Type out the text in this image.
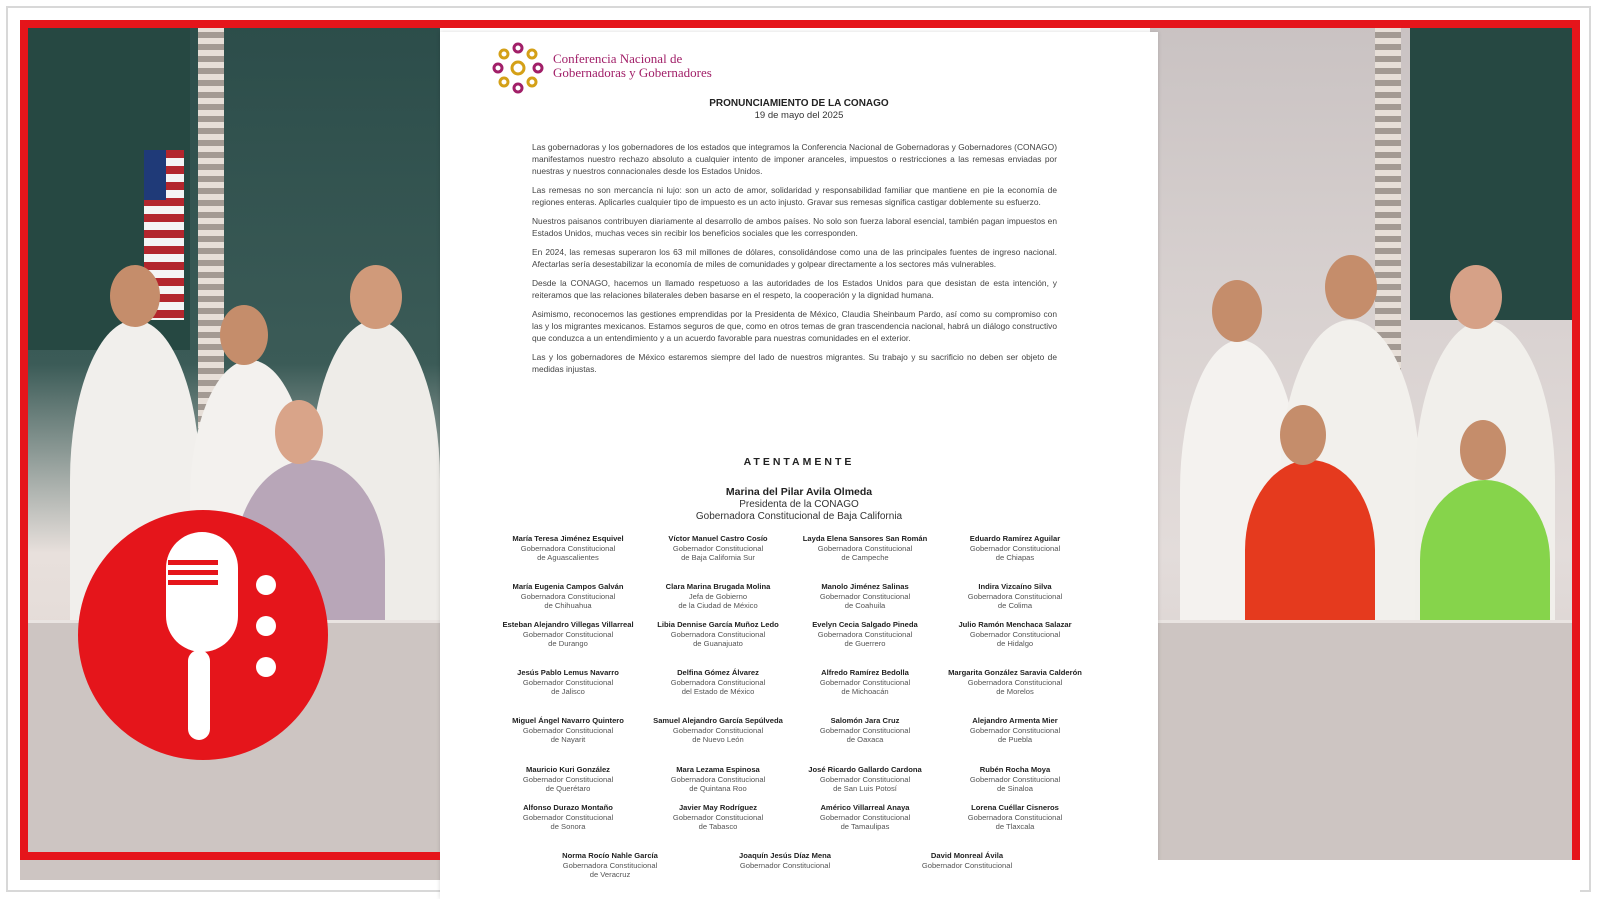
Conferencia Nacional de
Gobernadoras y Gobernadores
PRONUNCIAMIENTO DE LA CONAGO
19 de mayo del 2025

Las gobernadoras y los gobernadores de los estados que integramos la Conferencia Nacional de Gobernadoras y Gobernadores (CONAGO) manifestamos nuestro rechazo absoluto a cualquier intento de imponer aranceles, impuestos o restricciones a las remesas enviadas por nuestras y nuestros connacionales desde los Estados Unidos.

Las remesas no son mercancía ni lujo: son un acto de amor, solidaridad y responsabilidad familiar que mantiene en pie la economía de regiones enteras. Aplicarles cualquier tipo de impuesto es un acto injusto. Gravar sus remesas significa castigar doblemente su esfuerzo.

Nuestros paisanos contribuyen diariamente al desarrollo de ambos países. No solo son fuerza laboral esencial, también pagan impuestos en Estados Unidos, muchas veces sin recibir los beneficios sociales que les corresponden.

En 2024, las remesas superaron los 63 mil millones de dólares, consolidándose como una de las principales fuentes de ingreso nacional. Afectarlas sería desestabilizar la economía de miles de comunidades y golpear directamente a los sectores más vulnerables.

Desde la CONAGO, hacemos un llamado respetuoso a las autoridades de los Estados Unidos para que desistan de esta intención, y reiteramos que las relaciones bilaterales deben basarse en el respeto, la cooperación y la dignidad humana.

Asimismo, reconocemos las gestiones emprendidas por la Presidenta de México, Claudia Sheinbaum Pardo, así como su compromiso con las y los migrantes mexicanos. Estamos seguros de que, como en otros temas de gran trascendencia nacional, habrá un diálogo constructivo que conduzca a un entendimiento y a un acuerdo favorable para nuestras comunidades en el exterior.

Las y los gobernadores de México estaremos siempre del lado de nuestros migrantes. Su trabajo y su sacrificio no deben ser objeto de medidas injustas.

ATENTAMENTE
Marina del Pilar Avila Olmeda
Presidenta de la CONAGO
Gobernadora Constitucional de Baja California
María Teresa Jiménez Esquivel
Gobernadora Constitucional
de Aguascalientes
Víctor Manuel Castro Cosío
Gobernador Constitucional
de Baja California Sur
Layda Elena Sansores San Román
Gobernadora Constitucional
de Campeche
Eduardo Ramírez Aguilar
Gobernador Constitucional
de Chiapas
María Eugenia Campos Galván
Gobernadora Constitucional
de Chihuahua
Clara Marina Brugada Molina
Jefa de Gobierno
de la Ciudad de México
Manolo Jiménez Salinas
Gobernador Constitucional
de Coahuila
Indira Vizcaíno Silva
Gobernadora Constitucional
de Colima
Esteban Alejandro Villegas Villarreal
Gobernador Constitucional
de Durango
Libia Dennise García Muñoz Ledo
Gobernadora Constitucional
de Guanajuato
Evelyn Cecia Salgado Pineda
Gobernadora Constitucional
de Guerrero
Julio Ramón Menchaca Salazar
Gobernador Constitucional
de Hidalgo
Jesús Pablo Lemus Navarro
Gobernador Constitucional
de Jalisco
Delfina Gómez Álvarez
Gobernadora Constitucional
del Estado de México
Alfredo Ramírez Bedolla
Gobernador Constitucional
de Michoacán
Margarita González Saravia Calderón
Gobernadora Constitucional
de Morelos
Miguel Ángel Navarro Quintero
Gobernador Constitucional
de Nayarit
Samuel Alejandro García Sepúlveda
Gobernador Constitucional
de Nuevo León
Salomón Jara Cruz
Gobernador Constitucional
de Oaxaca
Alejandro Armenta Mier
Gobernador Constitucional
de Puebla
Mauricio Kuri González
Gobernador Constitucional
de Querétaro
Mara Lezama Espinosa
Gobernadora Constitucional
de Quintana Roo
José Ricardo Gallardo Cardona
Gobernador Constitucional
de San Luis Potosí
Rubén Rocha Moya
Gobernador Constitucional
de Sinaloa
Alfonso Durazo Montaño
Gobernador Constitucional
de Sonora
Javier May Rodríguez
Gobernador Constitucional
de Tabasco
Américo Villarreal Anaya
Gobernador Constitucional
de Tamaulipas
Lorena Cuéllar Cisneros
Gobernadora Constitucional
de Tlaxcala
Norma Rocío Nahle García
Gobernadora Constitucional
de Veracruz
Joaquín Jesús Díaz Mena
Gobernador Constitucional
David Monreal Ávila
Gobernador Constitucional
